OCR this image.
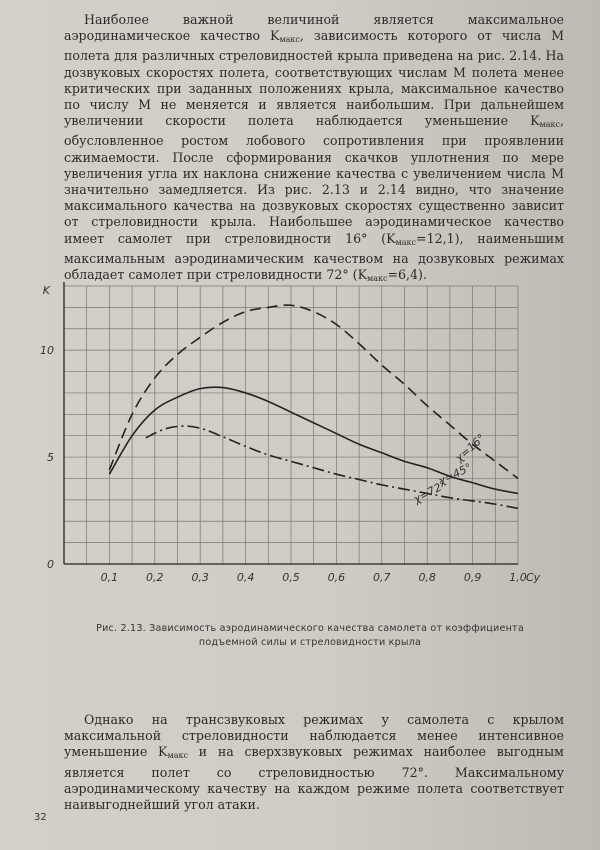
Наиболее важной величиной является максимальное аэродинамическое качество $K_{макс}$, зависимость которого от числа M полета для различных стреловидностей крыла приведена на рис. 2.14. На дозвуковых скоростях полета, соответствующих числам M полета менее критических при заданных положениях крыла, максимальное качество по числу M не меняется и является наибольшим. При дальнейшем увеличении скорости полета наблюдается уменьшение $K_{макс}$, обусловленное ростом лобового сопротивления при проявлении сжимаемости. После сформирования скачков уплотнения по мере увеличения угла их наклона снижение качества с увеличением числа M значительно замедляется. Из рис. 2.13 и 2.14 видно, что значение максимального качества на дозвуковых скоростях существенно зависит от стреловидности крыла. Наибольшее аэродинамическое качество имеет самолет при стреловидности 16° $(K_{макс}=12,1)$, наименьшим максимальным аэродинамическим качеством на дозвуковых режимах обладает самолет при стреловидности 72° $(K_{макс}=6,4)$.

0,1	0,2	0,3	0,4	0,5	0,6	0,7	0,8	0,9	1,0
0
5
10
K
Cy
χ=16°
χ=45°
χ=72°
Рис. 2.13. Зависимость аэродинамического качества самолета от коэффициента подъемной силы и стреловидности крыла

Однако на трансзвуковых режимах у самолета с крылом максимальной стреловидности наблюдается менее интенсивное уменьшение $K_{макс}$ и на сверхзвуковых режимах наиболее выгодным является полет со стреловидностью 72°. Максимальному аэродинамическому качеству на каждом режиме полета соответствует наивыгоднейший угол атаки.

32
